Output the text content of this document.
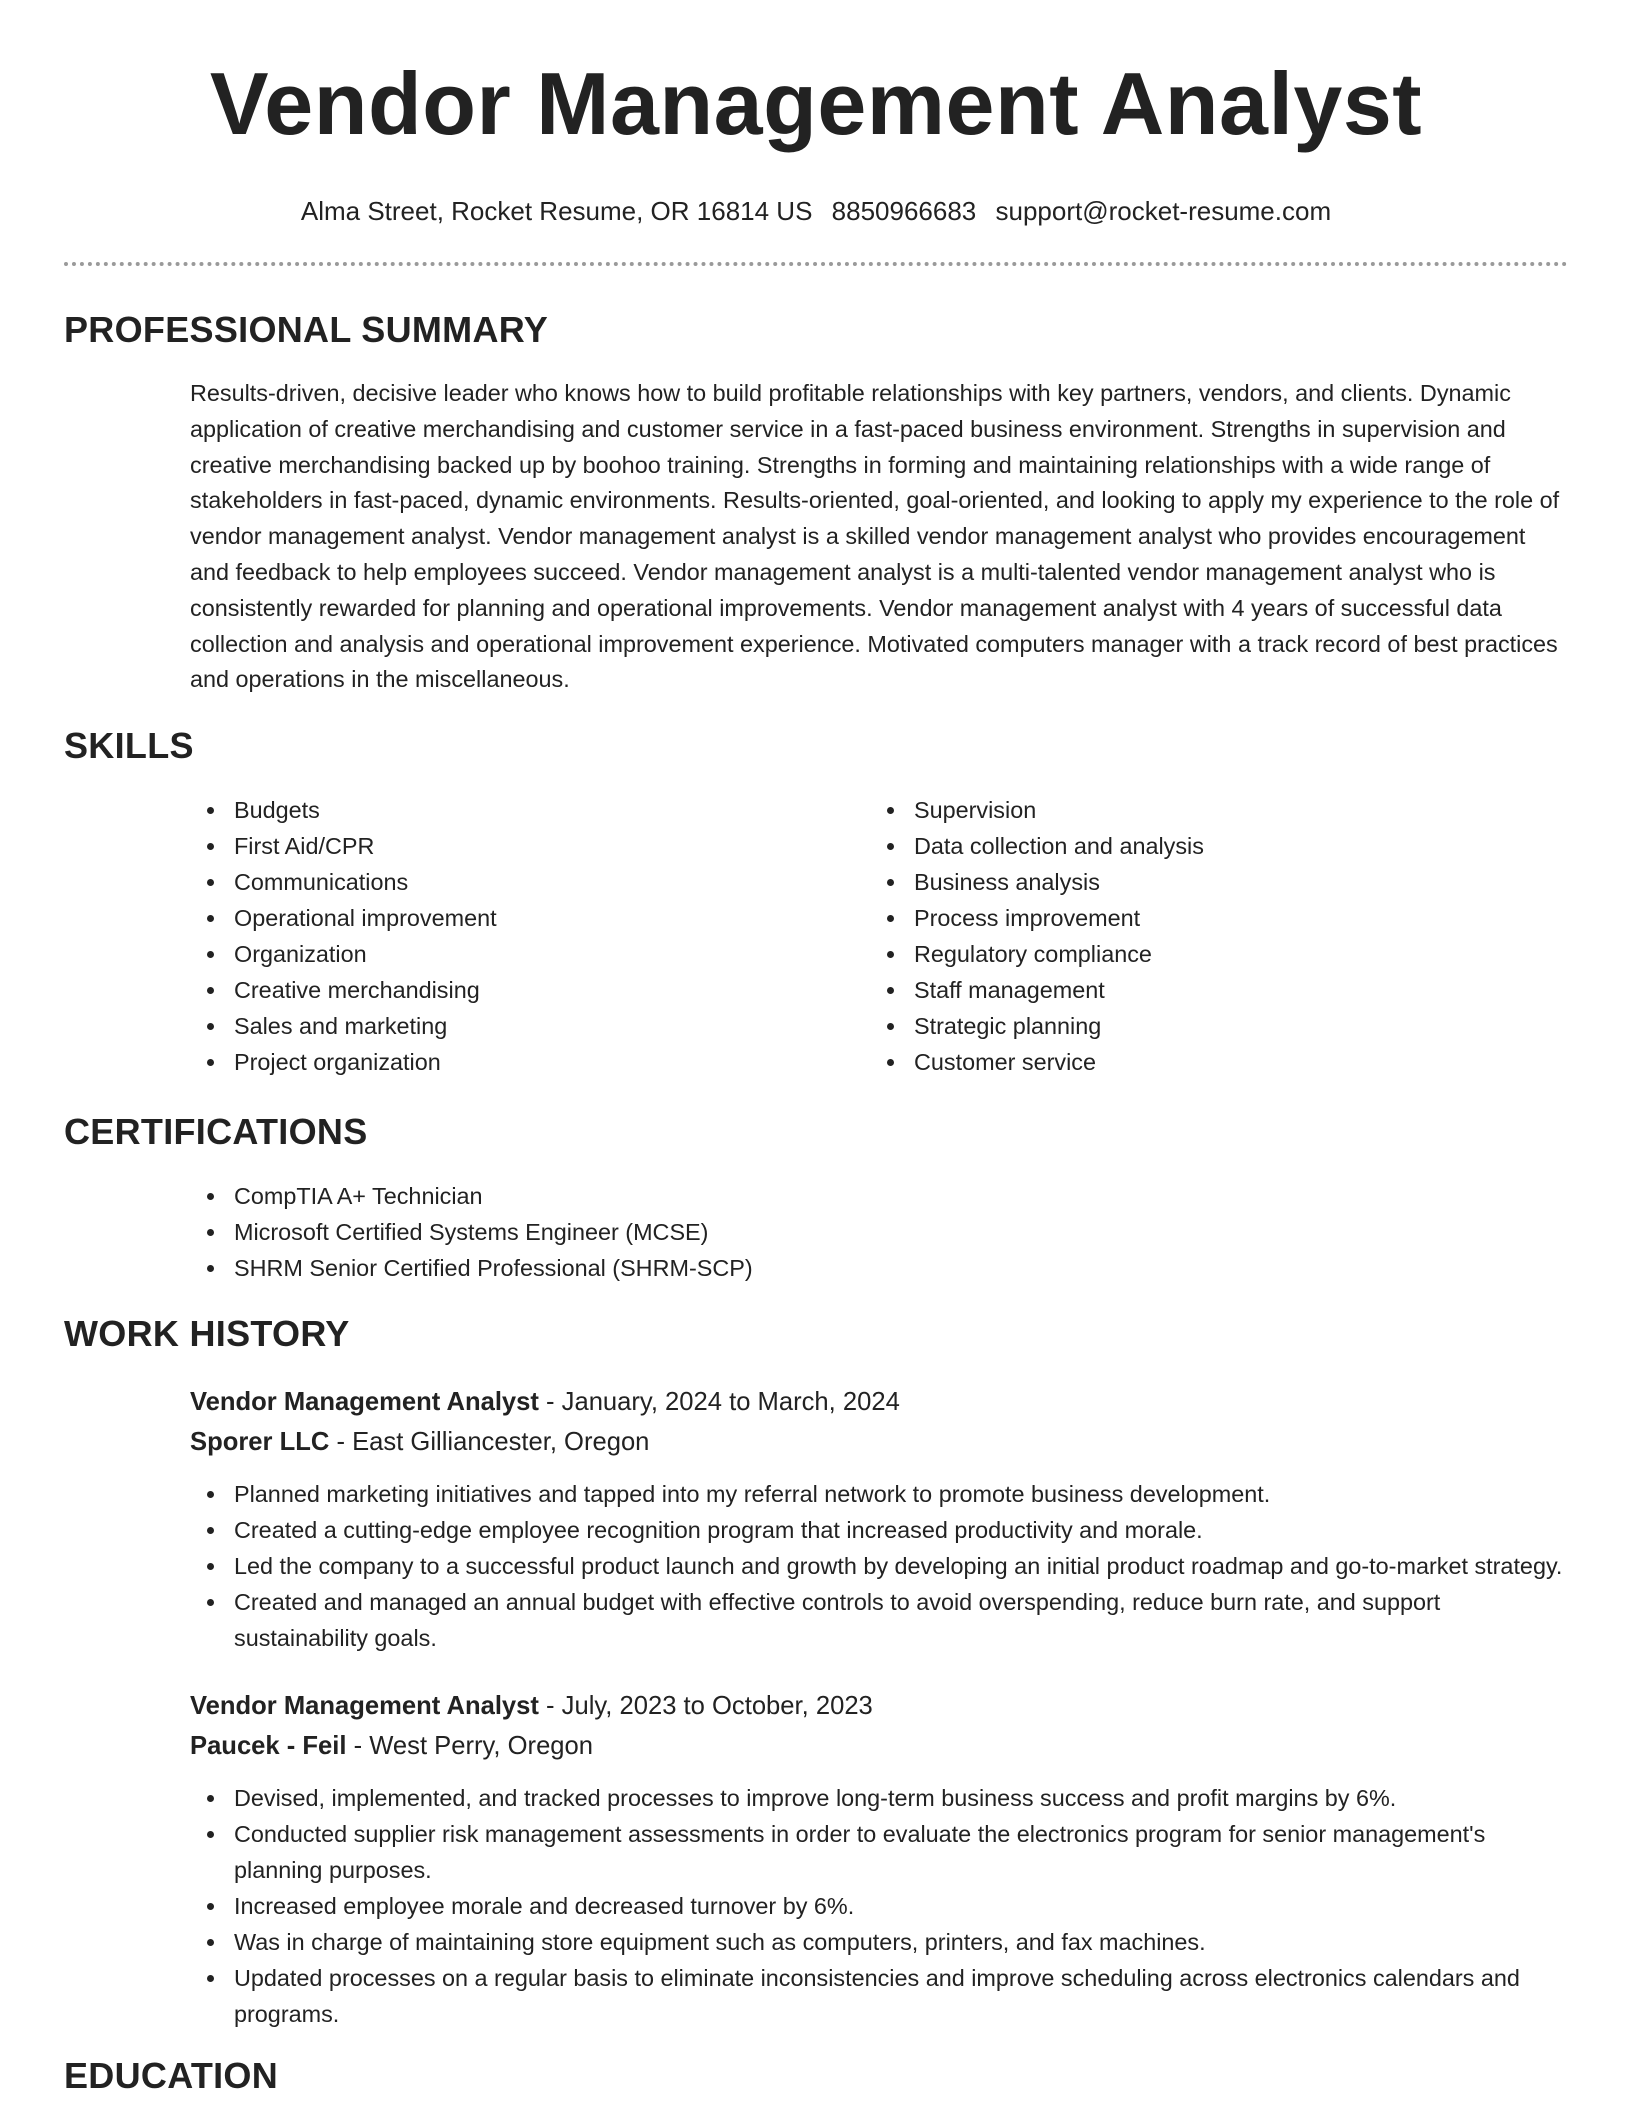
Vendor Management Analyst
Alma Street, Rocket Resume, OR 16814 US 8850966683 support@rocket-resume.com
PROFESSIONAL SUMMARY
Results-driven, decisive leader who knows how to build profitable relationships with key partners, vendors, and clients. Dynamic application of creative merchandising and customer service in a fast-paced business environment. Strengths in supervision and creative merchandising backed up by boohoo training. Strengths in forming and maintaining relationships with a wide range of stakeholders in fast-paced, dynamic environments. Results-oriented, goal-oriented, and looking to apply my experience to the role of vendor management analyst. Vendor management analyst is a skilled vendor management analyst who provides encouragement and feedback to help employees succeed. Vendor management analyst is a multi-talented vendor management analyst who is consistently rewarded for planning and operational improvements. Vendor management analyst with 4 years of successful data collection and analysis and operational improvement experience. Motivated computers manager with a track record of best practices and operations in the miscellaneous.
SKILLS
Budgets
First Aid/CPR
Communications
Operational improvement
Organization
Creative merchandising
Sales and marketing
Project organization
Supervision
Data collection and analysis
Business analysis
Process improvement
Regulatory compliance
Staff management
Strategic planning
Customer service
CERTIFICATIONS
CompTIA A+ Technician
Microsoft Certified Systems Engineer (MCSE)
SHRM Senior Certified Professional (SHRM-SCP)
WORK HISTORY
Vendor Management Analyst - January, 2024 to March, 2024
Sporer LLC - East Gilliancester, Oregon
Planned marketing initiatives and tapped into my referral network to promote business development.
Created a cutting-edge employee recognition program that increased productivity and morale.
Led the company to a successful product launch and growth by developing an initial product roadmap and go-to-market strategy.
Created and managed an annual budget with effective controls to avoid overspending, reduce burn rate, and support sustainability goals.
Vendor Management Analyst - July, 2023 to October, 2023
Paucek - Feil - West Perry, Oregon
Devised, implemented, and tracked processes to improve long-term business success and profit margins by 6%.
Conducted supplier risk management assessments in order to evaluate the electronics program for senior management's planning purposes.
Increased employee morale and decreased turnover by 6%.
Was in charge of maintaining store equipment such as computers, printers, and fax machines.
Updated processes on a regular basis to eliminate inconsistencies and improve scheduling across electronics calendars and programs.
EDUCATION
